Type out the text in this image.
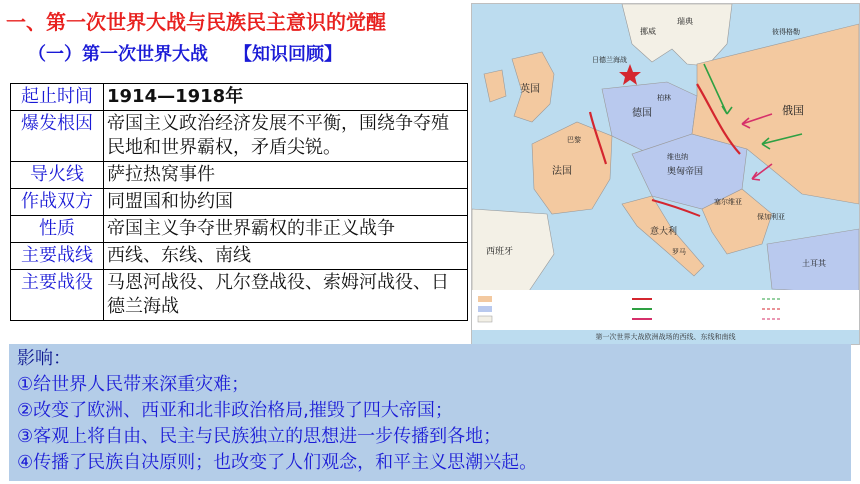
一、第一次世界大战与民族民主意识的觉醒
（一）第一次世界大战 【知识回顾】
起止时间	1914—1918年
爆发根因	帝国主义政治经济发展不平衡，围绕争夺殖民地和世界霸权，矛盾尖锐。
导火线	萨拉热窝事件
作战双方	同盟国和协约国
性质	帝国主义争夺世界霸权的非正义战争
主要战线	西线、东线、南线
主要战役	马恩河战役、凡尔登战役、索姆河战役、日德兰海战
英国
法国
德国	俄国
奥匈帝国
意大利
西班牙
瑞典
挪威
日德兰海战
柏林
维也纳
巴黎
罗马
土耳其
保加利亚
塞尔维亚
彼得格勒
第一次世界大战欧洲战场的西线、东线和南线
影响：
①给世界人民带来深重灾难；
②改变了欧洲、西亚和北非政治格局,摧毁了四大帝国；
③客观上将自由、民主与民族独立的思想进一步传播到各地；
④传播了民族自决原则；也改变了人们观念，和平主义思潮兴起。
